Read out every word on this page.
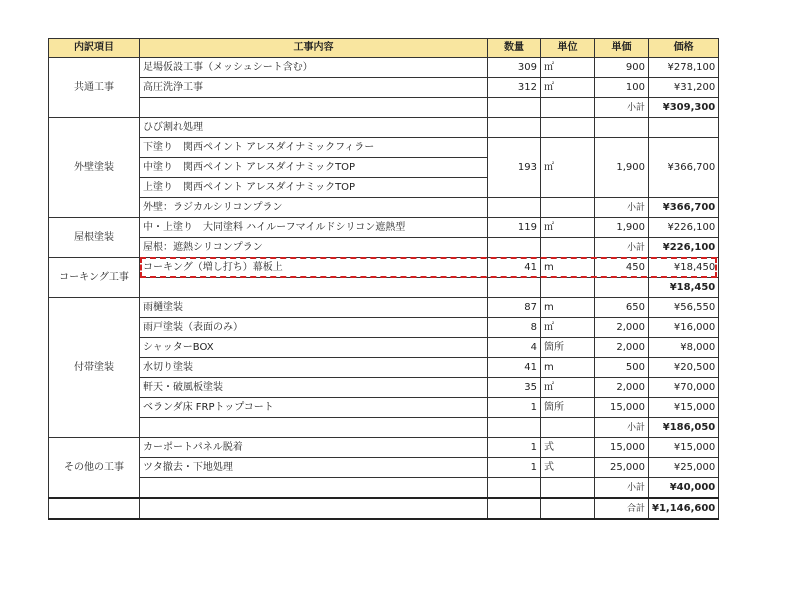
内訳項目	工事内容	数量	単位	単価	価格
共通工事	足場仮設工事（メッシュシート含む）	309	㎡	900	¥278,100
	高圧洗浄工事	312	㎡	100	¥31,200
				小計	¥309,300
外壁塗装	ひび割れ処理				
	下塗り　関西ペイント アレスダイナミックフィラー	193	㎡	1,900	¥366,700
	中塗り　関西ペイント アレスダイナミックTOP				
	上塗り　関西ペイント アレスダイナミックTOP				
	外壁：ラジカルシリコンプラン			小計	¥366,700
屋根塗装	中・上塗り　大同塗料 ハイルーフマイルドシリコン遮熱型	119	㎡	1,900	¥226,100
	屋根：遮熱シリコンプラン			小計	¥226,100
コーキング工事	コーキング（増し打ち）幕板上	41	m	450	¥18,450
					¥18,450
付帯塗装	雨樋塗装	87	m	650	¥56,550
	雨戸塗装（表面のみ）	8	㎡	2,000	¥16,000
	シャッターBOX	4	箇所	2,000	¥8,000
	水切り塗装	41	m	500	¥20,500
	軒天・破風板塗装	35	㎡	2,000	¥70,000
	ベランダ床 FRPトップコート	1	箇所	15,000	¥15,000
				小計	¥186,050
その他の工事	カーポートパネル脱着	1	式	15,000	¥15,000
	ツタ撤去・下地処理	1	式	25,000	¥25,000
				小計	¥40,000
				合計	¥1,146,600
